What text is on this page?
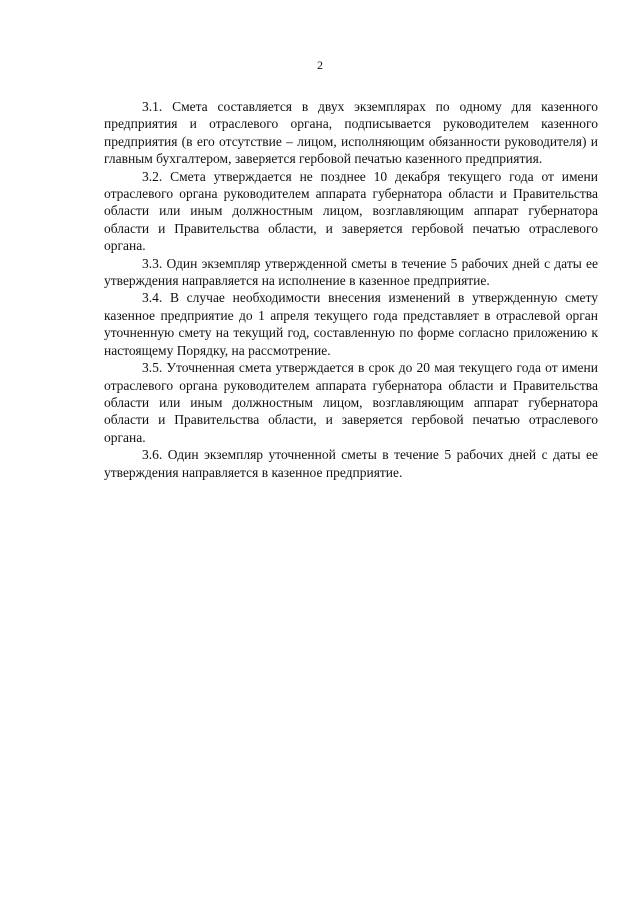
2

3.1. Смета составляется в двух экземплярах по одному для казенного предприятия и отраслевого органа, подписывается руководителем казенного предприятия (в его отсутствие – лицом, исполняющим обязанности руководителя) и главным бухгалтером, заверяется гербовой печатью казенного предприятия.

3.2. Смета утверждается не позднее 10 декабря текущего года от имени отраслевого органа руководителем аппарата губернатора области и Правительства области или иным должностным лицом, возглавляющим аппарат губернатора области и Правительства области, и заверяется гербовой печатью отраслевого органа.

3.3. Один экземпляр утвержденной сметы в течение 5 рабочих дней с даты ее утверждения направляется на исполнение в казенное предприятие.

3.4. В случае необходимости внесения изменений в утвержденную смету казенное предприятие до 1 апреля текущего года представляет в отраслевой орган уточненную смету на текущий год, составленную по форме согласно приложению к настоящему Порядку, на рассмотрение.

3.5. Уточненная смета утверждается в срок до 20 мая текущего года от имени отраслевого органа руководителем аппарата губернатора области и Правительства области или иным должностным лицом, возглавляющим аппарат губернатора области и Правительства области, и заверяется гербовой печатью отраслевого органа.

3.6. Один экземпляр уточненной сметы в течение 5 рабочих дней с даты ее утверждения направляется в казенное предприятие.
